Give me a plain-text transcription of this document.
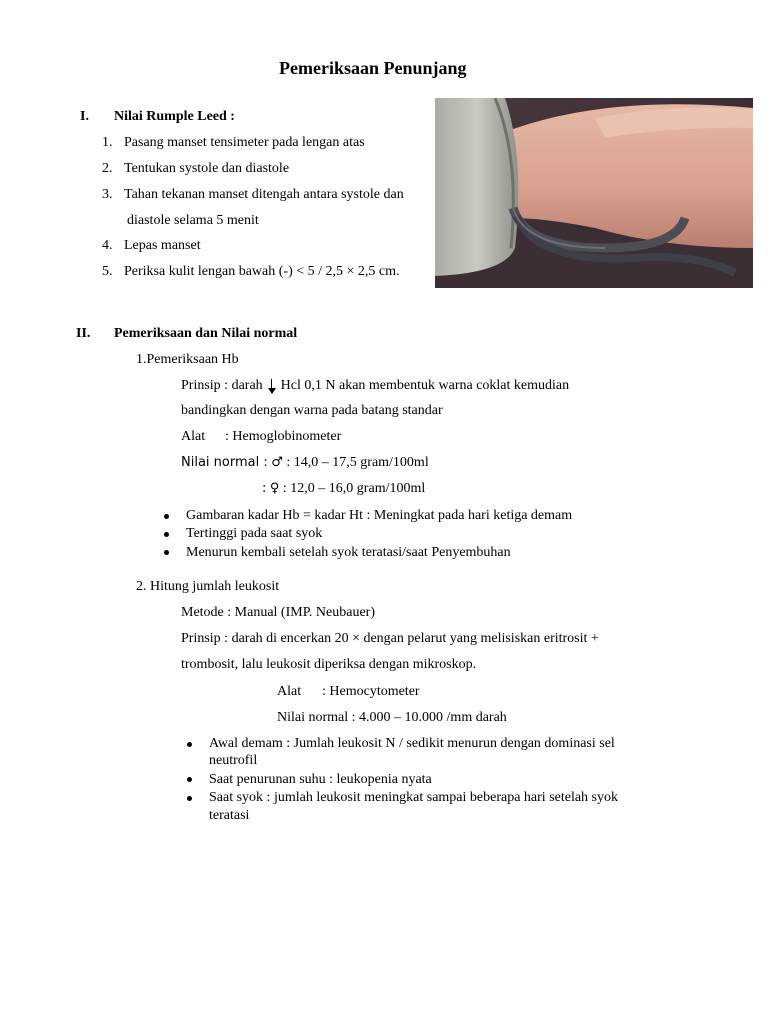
Pemeriksaan Penunjang
I. Nilai Rumple Leed :
1. Pasang manset tensimeter pada lengan atas
2. Tentukan systole dan diastole
3. Tahan tekanan manset ditengah antara systole dan
diastole selama 5 menit
4. Lepas manset
5. Periksa kulit lengan bawah (-) < 5 / 2,5 × 2,5 cm.
II. Pemeriksaan dan Nilai normal
1.Pemeriksaan Hb
Prinsip : darah Hcl 0,1 N akan membentuk warna coklat kemudian
bandingkan dengan warna pada batang standar
Alat : Hemoglobinometer
Nilai normal : ♂ : 14,0 – 17,5 gram/100ml
: ♀ : 12,0 – 16,0 gram/100ml
Gambaran kadar Hb = kadar Ht : Meningkat pada hari ketiga demam
Tertinggi pada saat syok
Menurun kembali setelah syok teratasi/saat Penyembuhan
2. Hitung jumlah leukosit
Metode : Manual (IMP. Neubauer)
Prinsip : darah di encerkan 20 × dengan pelarut yang melisiskan eritrosit +
trombosit, lalu leukosit diperiksa dengan mikroskop.
Alat : Hemocytometer
Nilai normal : 4.000 – 10.000 /mm darah
Awal demam : Jumlah leukosit N / sedikit menurun dengan dominasi sel
neutrofil
Saat penurunan suhu : leukopenia nyata
Saat syok : jumlah leukosit meningkat sampai beberapa hari setelah syok
teratasi
